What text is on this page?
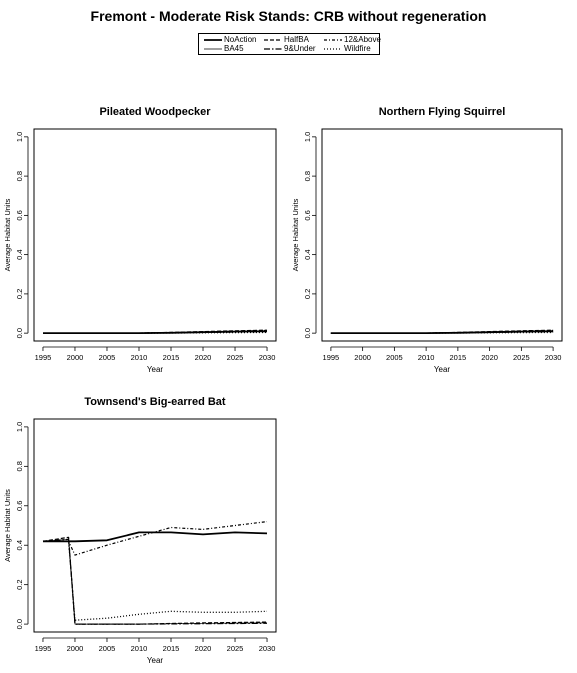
Fremont - Moderate Risk Stands: CRB without regeneration
NoAction
BA45
HalfBA
9&Under
12&Above
Wildfire
Pileated Woodpecker
1995 2000 2005 2010 2015 2020 2025 2030
Year
0.0
0.2
0.4
0.6
0.8
1.0
Average Habitat Units
Northern Flying Squirrel
1995 2000 2005 2010 2015 2020 2025 2030
Year
0.0
0.2
0.4
0.6
0.8
1.0
Average Habitat Units
Townsend's Big-earred Bat
1995 2000 2005 2010 2015 2020 2025 2030
Year
0.0
0.2
0.4
0.6
0.8
1.0
Average Habitat Units
